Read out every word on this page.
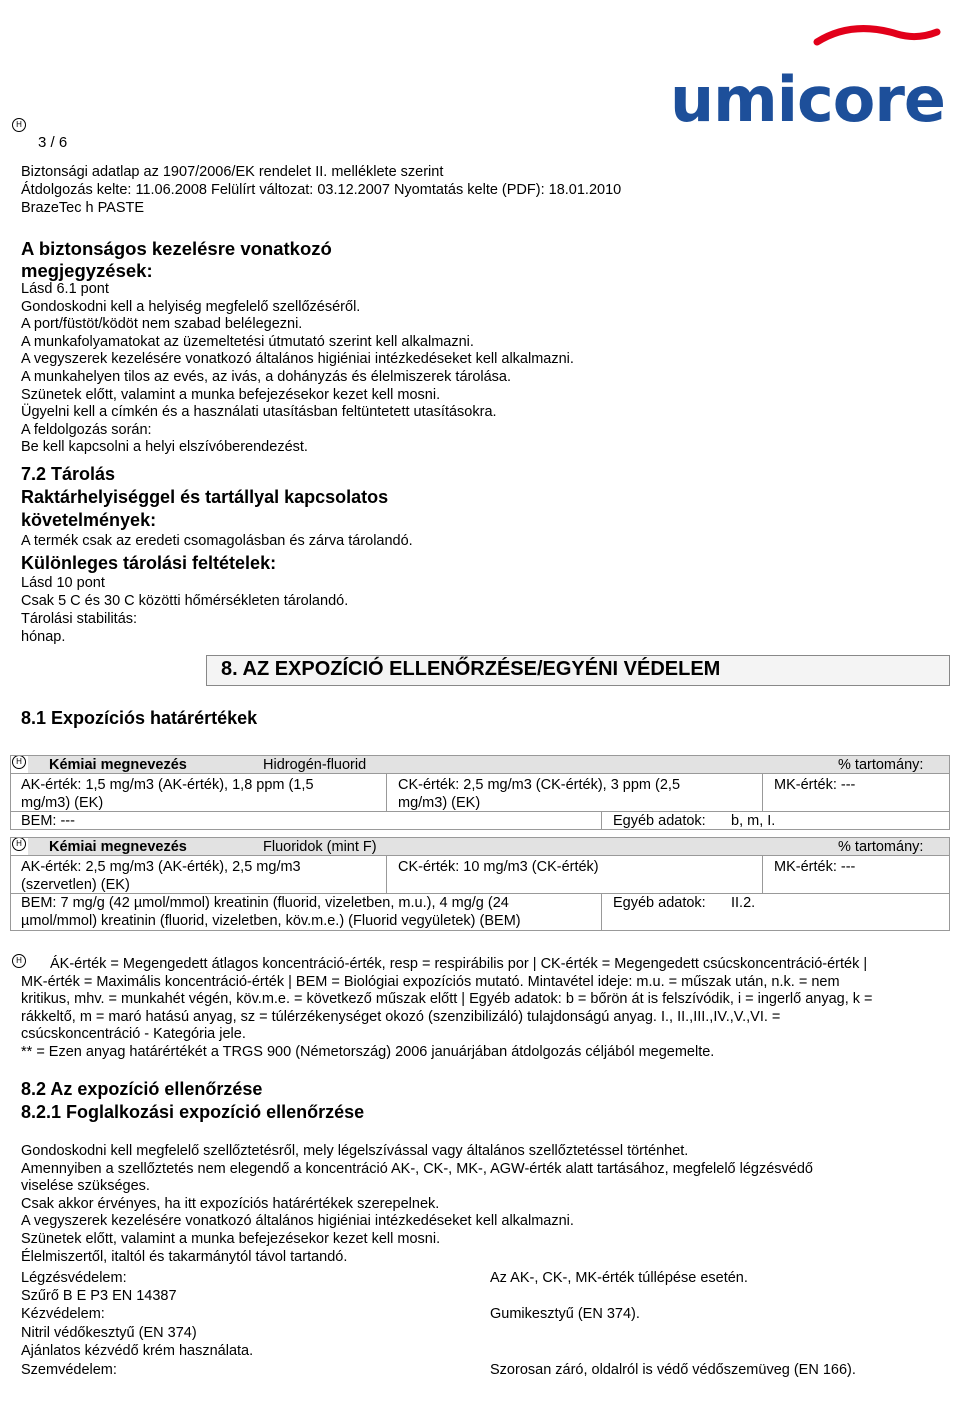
H
3 / 6
Biztonsági adatlap az 1907/2006/EK rendelet II. melléklete szerint
Átdolgozás kelte: 11.06.2008 Felülírt változat: 03.12.2007 Nyomtatás kelte (PDF): 18.01.2010
BrazeTec h PASTE
umicore
A biztonságos kezelésre vonatkozó
megjegyzések:
Lásd 6.1 pont
Gondoskodni kell a helyiség megfelelő szellőzéséről.
A port/füstöt/ködöt nem szabad belélegezni.
A munkafolyamatokat az üzemeltetési útmutató szerint kell alkalmazni.
A vegyszerek kezelésére vonatkozó általános higiéniai intézkedéseket kell alkalmazni.
A munkahelyen tilos az evés, az ivás, a dohányzás és élelmiszerek tárolása.
Szünetek előtt, valamint a munka befejezésekor kezet kell mosni.
Ügyelni kell a címkén és a használati utasításban feltüntetett utasításokra.
A feldolgozás során:
Be kell kapcsolni a helyi elszívóberendezést.
7.2 Tárolás
Raktárhelyiséggel és tartállyal kapcsolatos
követelmények:
A termék csak az eredeti csomagolásban és zárva tárolandó.
Különleges tárolási feltételek:
Lásd 10 pont
Csak 5 C és 30 C közötti hőmérsékleten tárolandó.
Tárolási stabilitás:
hónap.
8. AZ EXPOZÍCIÓ ELLENŐRZÉSE/EGYÉNI VÉDELEM
8.1 Expozíciós határértékek
H Kémiai megnevezés	Hidrogén-fluorid	% tartomány:
AK-érték: 1,5 mg/m3 (AK-érték), 1,8 ppm (1,5
mg/m3) (EK)
CK-érték: 2,5 mg/m3 (CK-érték), 3 ppm (2,5
mg/m3) (EK)
MK-érték: ---
BEM: ---	Egyéb adatok: b, m, I.
H Kémiai megnevezés	Fluoridok (mint F)	% tartomány:
AK-érték: 2,5 mg/m3 (AK-érték), 2,5 mg/m3
(szervetlen) (EK)
CK-érték: 10 mg/m3 (CK-érték)	MK-érték: ---
BEM: 7 mg/g (42 µmol/mmol) kreatinin (fluorid, vizeletben, m.u.), 4 mg/g (24
µmol/mmol) kreatinin (fluorid, vizeletben, köv.m.e.) (Fluorid vegyületek) (BEM)
Egyéb adatok: II.2.
H ÁK-érték = Megengedett átlagos koncentráció-érték, resp = respirábilis por | CK-érték = Megengedett csúcskoncentráció-érték |
MK-érték = Maximális koncentráció-érték | BEM = Biológiai expozíciós mutató. Mintavétel ideje: m.u. = műszak után, n.k. = nem
kritikus, mhv. = munkahét végén, köv.m.e. = következő műszak előtt | Egyéb adatok: b = bőrön át is felszívódik, i = ingerlő anyag, k =
rákkeltő, m = maró hatású anyag, sz = túlérzékenységet okozó (szenzibilizáló) tulajdonságú anyag. I., II.,III.,IV.,V.,VI. =
csúcskoncentráció - Kategória jele.
** = Ezen anyag határértékét a TRGS 900 (Németország) 2006 januárjában átdolgozás céljából megemelte.
8.2 Az expozíció ellenőrzése
8.2.1 Foglalkozási expozíció ellenőrzése
Gondoskodni kell megfelelő szellőztetésről, mely légelszívással vagy általános szellőztetéssel történhet.
Amennyiben a szellőztetés nem elegendő a koncentráció AK-, CK-, MK-, AGW-érték alatt tartásához, megfelelő légzésvédő
viselése szükséges.
Csak akkor érvényes, ha itt expozíciós határértékek szerepelnek.
A vegyszerek kezelésére vonatkozó általános higiéniai intézkedéseket kell alkalmazni.
Szünetek előtt, valamint a munka befejezésekor kezet kell mosni.
Élelmiszertől, italtól és takarmánytól távol tartandó.
Légzésvédelem:	Az AK-, CK-, MK-érték túllépése esetén.
Szűrő B E P3 EN 14387
Kézvédelem:	Gumikesztyű (EN 374).
Nitril védőkesztyű (EN 374)
Ajánlatos kézvédő krém használata.
Szemvédelem:	Szorosan záró, oldalról is védő védőszemüveg (EN 166).
